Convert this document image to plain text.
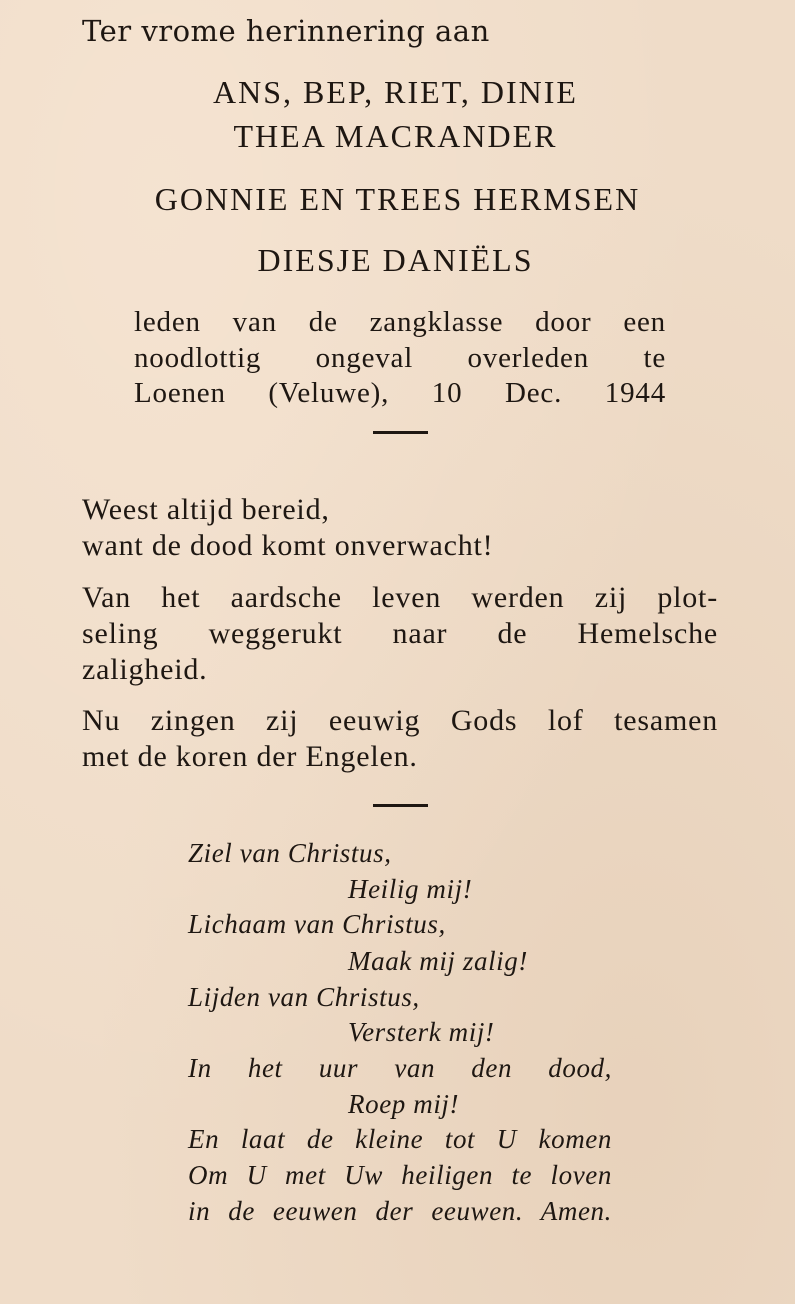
Ter vrome herinnering aan
ANS, BEP, RIET, DINIE
THEA MACRANDER
GONNIE EN TREES HERMSEN
DIESJE DANIËLS
leden van de zangklasse door een
noodlottig ongeval overleden te
Loenen (Veluwe), 10 Dec. 1944
Weest altijd bereid,
want de dood komt onverwacht!
Van het aardsche leven werden zij plot-
seling weggerukt naar de Hemelsche
zaligheid.
Nu zingen zij eeuwig Gods lof tesamen
met de koren der Engelen.
Ziel van Christus,
Heilig mij!
Lichaam van Christus,
Maak mij zalig!
Lijden van Christus,
Versterk mij!
In het uur van den dood,
Roep mij!
En laat de kleine tot U komen
Om U met Uw heiligen te loven
in de eeuwen der eeuwen. Amen.
